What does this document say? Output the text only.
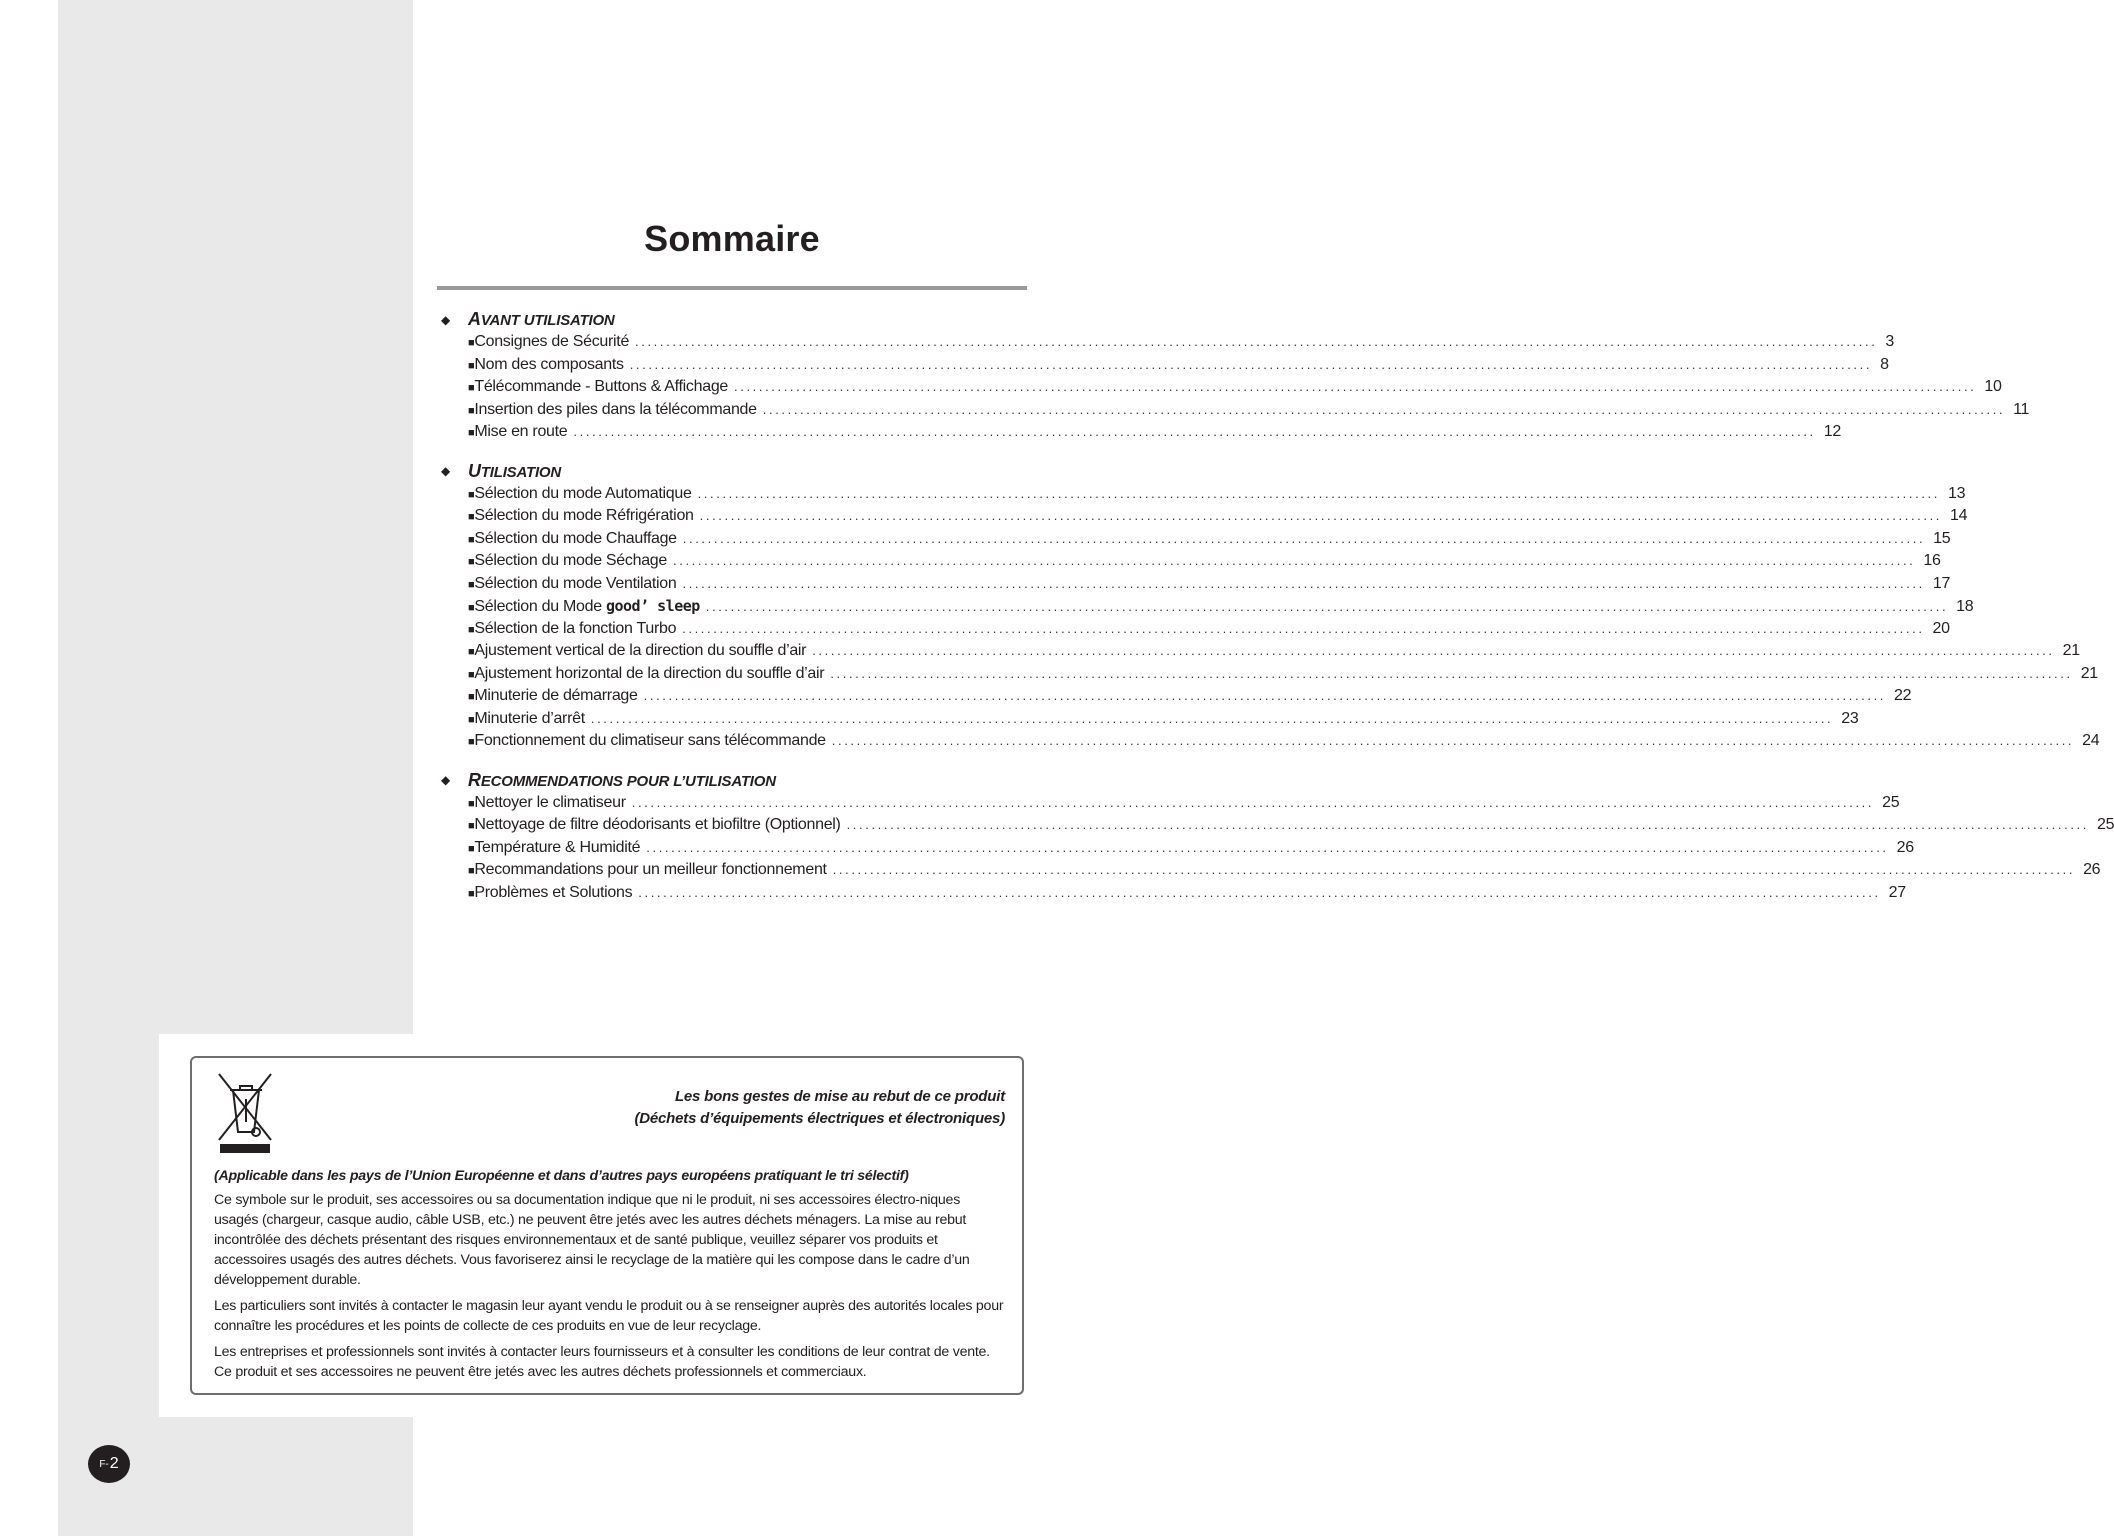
Sommaire
◆ AVANT UTILISATION
■ Consignes de Sécurité ........................................................................................................................................................................................................ 3
■ Nom des composants ........................................................................................................................................................................................................ 8
■ Télécommande - Buttons & Affichage ........................................................................................................................................................................................................ 10
■ Insertion des piles dans la télécommande ........................................................................................................................................................................................................ 11
■ Mise en route ........................................................................................................................................................................................................ 12
◆ UTILISATION
■ Sélection du mode Automatique ........................................................................................................................................................................................................ 13
■ Sélection du mode Réfrigération ........................................................................................................................................................................................................ 14
■ Sélection du mode Chauffage ........................................................................................................................................................................................................ 15
■ Sélection du mode Séchage ........................................................................................................................................................................................................ 16
■ Sélection du mode Ventilation ........................................................................................................................................................................................................ 17
■ Sélection du Mode good’ sleep ........................................................................................................................................................................................................ 18
■ Sélection de la fonction Turbo ........................................................................................................................................................................................................ 20
■ Ajustement vertical de la direction du souffle d’air ........................................................................................................................................................................................................ 21
■ Ajustement horizontal de la direction du souffle d’air ........................................................................................................................................................................................................ 21
■ Minuterie de démarrage ........................................................................................................................................................................................................ 22
■ Minuterie d’arrêt ........................................................................................................................................................................................................ 23
■ Fonctionnement du climatiseur sans télécommande ........................................................................................................................................................................................................ 24
◆ RECOMMENDATIONS POUR L’UTILISATION
■ Nettoyer le climatiseur ........................................................................................................................................................................................................ 25
■ Nettoyage de filtre déodorisants et biofiltre (Optionnel) ........................................................................................................................................................................................................ 25
■ Température & Humidité ........................................................................................................................................................................................................ 26
■ Recommandations pour un meilleur fonctionnement ........................................................................................................................................................................................................ 26
■ Problèmes et Solutions ........................................................................................................................................................................................................ 27
Les bons gestes de mise au rebut de ce produit
(Déchets d’équipements électriques et électroniques)
(Applicable dans les pays de l’Union Européenne et dans d’autres pays européens pratiquant le tri sélectif)

Ce symbole sur le produit, ses accessoires ou sa documentation indique que ni le produit, ni ses accessoires électro-niques usagés (chargeur, casque audio, câble USB, etc.) ne peuvent être jetés avec les autres déchets ménagers. La mise au rebut incontrôlée des déchets présentant des risques environnementaux et de santé publique, veuillez séparer vos produits et accessoires usagés des autres déchets. Vous favoriserez ainsi le recyclage de la matière qui les compose dans le cadre d’un développement durable.

Les particuliers sont invités à contacter le magasin leur ayant vendu le produit ou à se renseigner auprès des autorités locales pour connaître les procédures et les points de collecte de ces produits en vue de leur recyclage.

Les entreprises et professionnels sont invités à contacter leurs fournisseurs et à consulter les conditions de leur contrat de vente. Ce produit et ses accessoires ne peuvent être jetés avec les autres déchets professionnels et commerciaux.

F- 2
